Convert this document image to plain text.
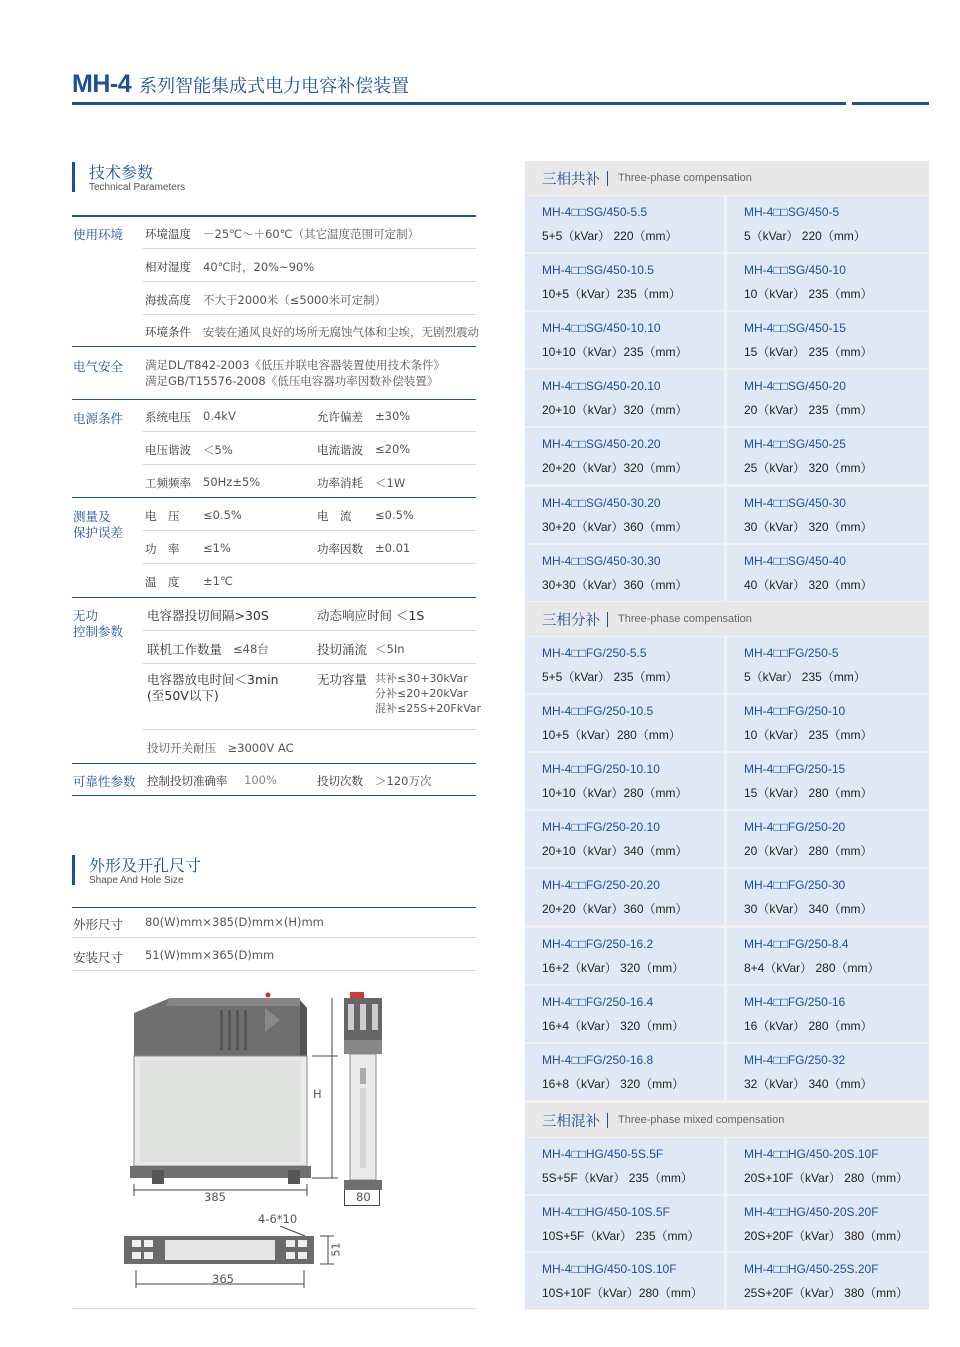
MH-4 系列智能集成式电力电容补偿装置
技术参数
Technical Parameters
使用环境 环境温度 －25℃～＋60℃（其它温度范围可定制）
相对湿度 40℃时，20%~90%
海拔高度 不大于2000米（≤5000米可定制）
环境条件 安装在通风良好的场所无腐蚀气体和尘埃，无剧烈震动
电气安全 满足DL/T842-2003《低压并联电容器装置使用技术条件》
满足GB/T15576-2008《低压电容器功率因数补偿装置》
电源条件 系统电压 0.4kV	允许偏差 ±30%
电压谐波 ＜5%	电流谐波 ≤20%
工频频率 50Hz±5%	功率消耗 ＜1W
测量及
保护误差
电　压 ≤0.5%	电　流 ≤0.5%
功　率 ≤1%	功率因数 ±0.01
温　度 ±1℃
无功
控制参数
电容器投切间隔>30S	动态响应时间 ＜1S
联机工作数量 ≤48台	投切涌流 ＜5In
电容器放电时间＜3min
(至50V以下)
无功容量 共补≤30+30kVar
分补≤20+20kVar
混补≤25S+20FkVar
投切开关耐压　≥3000V AC
可靠性参数 控制投切准确率 100%	投切次数 ＞120万次
外形及开孔尺寸
Shape And Hole Size
外形尺寸 80(W)mm×385(D)mm×(H)mm
安装尺寸 51(W)mm×365(D)mm
385
H
80
4-6*10
51
365
三相共补 Three-phase compensation
MH-4□□SG/450-5.5
5+5（kVar） 220（mm）
MH-4□□SG/450-5
5（kVar） 220（mm）
MH-4□□SG/450-10.5
10+5（kVar）235（mm）
MH-4□□SG/450-10
10（kVar） 235（mm）
MH-4□□SG/450-10.10
10+10（kVar）235（mm）
MH-4□□SG/450-15
15（kVar） 235（mm）
MH-4□□SG/450-20.10
20+10（kVar）320（mm）
MH-4□□SG/450-20
20（kVar） 235（mm）
MH-4□□SG/450-20.20
20+20（kVar）320（mm）
MH-4□□SG/450-25
25（kVar） 320（mm）
MH-4□□SG/450-30.20
30+20（kVar）360（mm）
MH-4□□SG/450-30
30（kVar） 320（mm）
MH-4□□SG/450-30.30
30+30（kVar）360（mm）
MH-4□□SG/450-40
40（kVar） 320（mm）
三相分补 Three-phase compensation
MH-4□□FG/250-5.5
5+5（kVar） 235（mm）
MH-4□□FG/250-5
5（kVar） 235（mm）
MH-4□□FG/250-10.5
10+5（kVar）280（mm）
MH-4□□FG/250-10
10（kVar） 235（mm）
MH-4□□FG/250-10.10
10+10（kVar）280（mm）
MH-4□□FG/250-15
15（kVar） 280（mm）
MH-4□□FG/250-20.10
20+10（kVar）340（mm）
MH-4□□FG/250-20
20（kVar） 280（mm）
MH-4□□FG/250-20.20
20+20（kVar）360（mm）
MH-4□□FG/250-30
30（kVar） 340（mm）
MH-4□□FG/250-16.2
16+2（kVar） 320（mm）
MH-4□□FG/250-8.4
8+4（kVar） 280（mm）
MH-4□□FG/250-16.4
16+4（kVar） 320（mm）
MH-4□□FG/250-16
16（kVar） 280（mm）
MH-4□□FG/250-16.8
16+8（kVar） 320（mm）
MH-4□□FG/250-32
32（kVar） 340（mm）
三相混补 Three-phase mixed compensation
MH-4□□HG/450-5S.5F
5S+5F（kVar） 235（mm）
MH-4□□HG/450-20S.10F
20S+10F（kVar） 280（mm）
MH-4□□HG/450-10S.5F
10S+5F（kVar） 235（mm）
MH-4□□HG/450-20S.20F
20S+20F（kVar） 380（mm）
MH-4□□HG/450-10S.10F
10S+10F（kVar）280（mm）
MH-4□□HG/450-25S.20F
25S+20F（kVar） 380（mm）
